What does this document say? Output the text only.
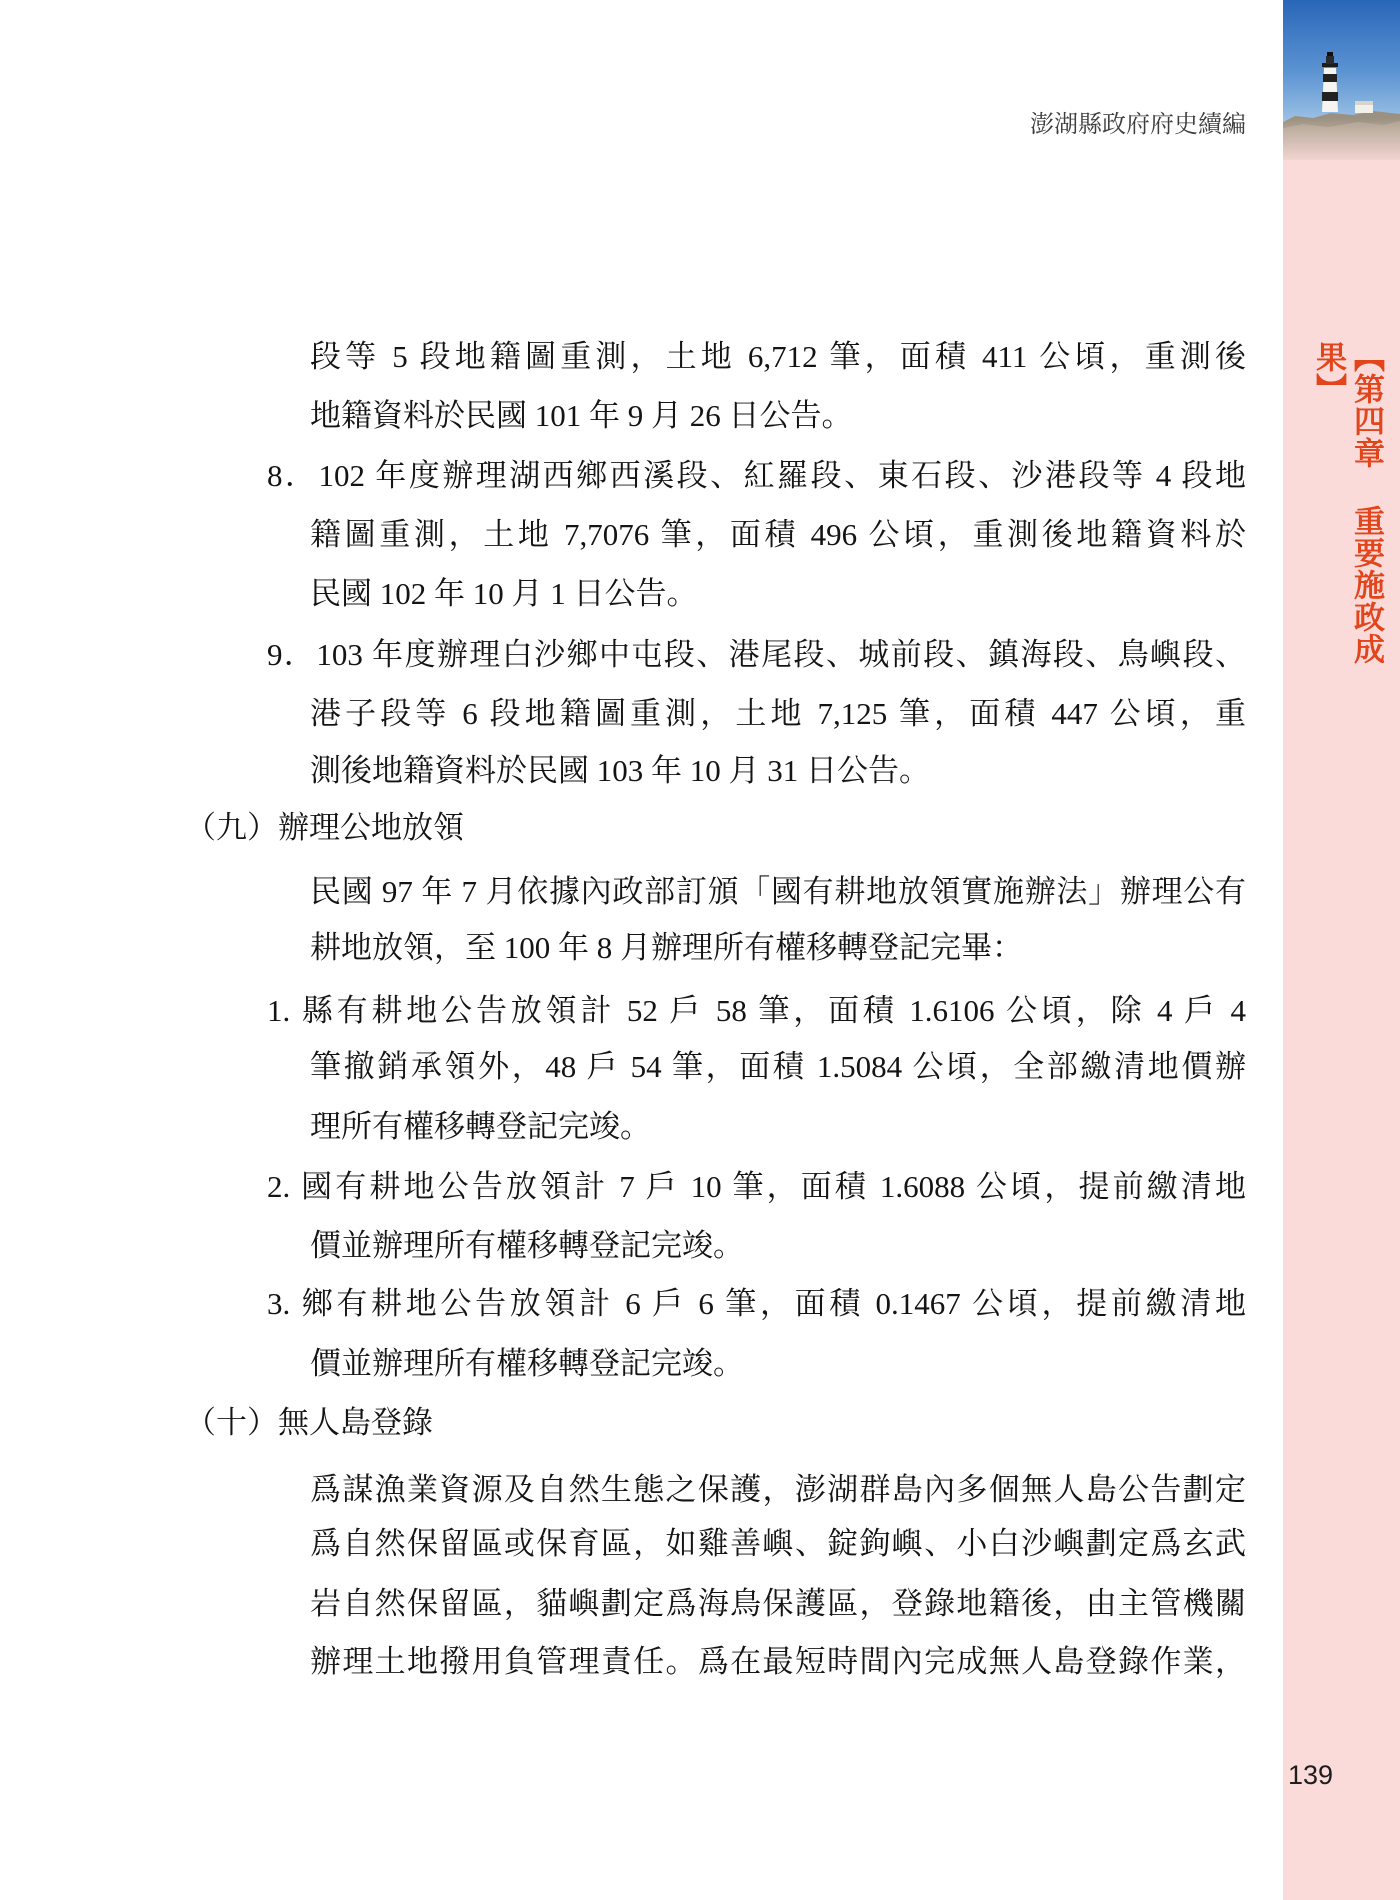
澎湖縣政府府史續編
【第四章 重要施政成果】
139
段等 5 段地籍圖重測，土地 6,712 筆，面積 411 公頃，重測後
地籍資料於民國 101 年 9 月 26 日公告。
8．102 年度辦理湖西鄉西溪段、紅羅段、東石段、沙港段等 4 段地
籍圖重測，土地 7,7076 筆，面積 496 公頃，重測後地籍資料於
民國 102 年 10 月 1 日公告。
9．103 年度辦理白沙鄉中屯段、港尾段、城前段、鎮海段、鳥嶼段、
港子段等 6 段地籍圖重測，土地 7,125 筆，面積 447 公頃，重
測後地籍資料於民國 103 年 10 月 31 日公告。
（九）辦理公地放領
民國 97 年 7 月依據內政部訂頒「國有耕地放領實施辦法」辦理公有
耕地放領，至 100 年 8 月辦理所有權移轉登記完畢：
1. 縣有耕地公告放領計 52 戶 58 筆，面積 1.6106 公頃，除 4 戶 4
筆撤銷承領外，48 戶 54 筆，面積 1.5084 公頃，全部繳清地價辦
理所有權移轉登記完竣。
2. 國有耕地公告放領計 7 戶 10 筆，面積 1.6088 公頃，提前繳清地
價並辦理所有權移轉登記完竣。
3. 鄉有耕地公告放領計 6 戶 6 筆，面積 0.1467 公頃，提前繳清地
價並辦理所有權移轉登記完竣。
（十）無人島登錄
爲謀漁業資源及自然生態之保護，澎湖群島內多個無人島公告劃定
爲自然保留區或保育區，如雞善嶼、錠鉤嶼、小白沙嶼劃定爲玄武
岩自然保留區，貓嶼劃定爲海鳥保護區，登錄地籍後，由主管機關
辦理土地撥用負管理責任。爲在最短時間內完成無人島登錄作業，
